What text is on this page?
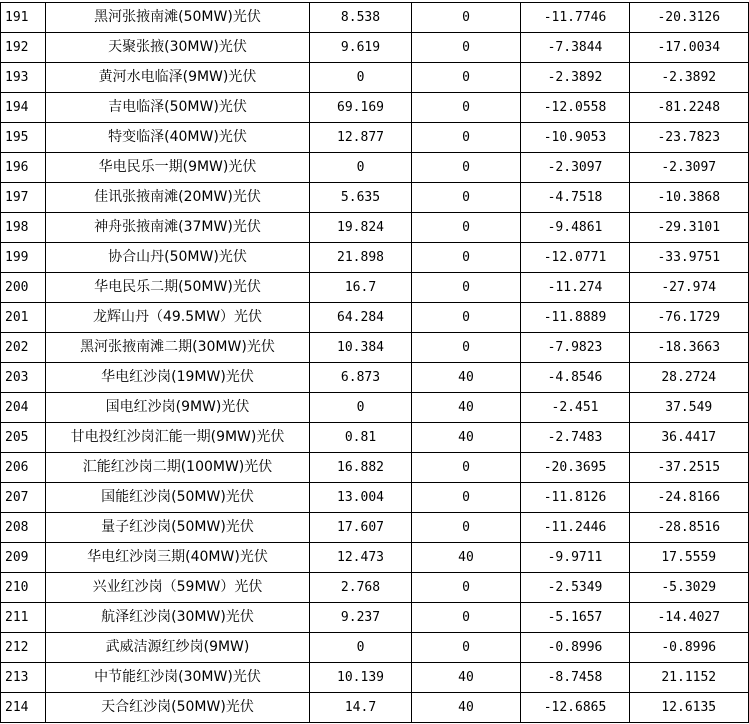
191	黑河张掖南滩(50MW)光伏	8.538	0	-11.7746	-20.3126
192	天聚张掖(30MW)光伏	9.619	0	-7.3844	-17.0034
193	黄河水电临泽(9MW)光伏	0	0	-2.3892	-2.3892
194	吉电临泽(50MW)光伏	69.169	0	-12.0558	-81.2248
195	特变临泽(40MW)光伏	12.877	0	-10.9053	-23.7823
196	华电民乐一期(9MW)光伏	0	0	-2.3097	-2.3097
197	佳讯张掖南滩(20MW)光伏	5.635	0	-4.7518	-10.3868
198	神舟张掖南滩(37MW)光伏	19.824	0	-9.4861	-29.3101
199	协合山丹(50MW)光伏	21.898	0	-12.0771	-33.9751
200	华电民乐二期(50MW)光伏	16.7	0	-11.274	-27.974
201	龙辉山丹（49.5MW）光伏	64.284	0	-11.8889	-76.1729
202	黑河张掖南滩二期(30MW)光伏	10.384	0	-7.9823	-18.3663
203	华电红沙岗(19MW)光伏	6.873	40	-4.8546	28.2724
204	国电红沙岗(9MW)光伏	0	40	-2.451	37.549
205	甘电投红沙岗汇能一期(9MW)光伏	0.81	40	-2.7483	36.4417
206	汇能红沙岗二期(100MW)光伏	16.882	0	-20.3695	-37.2515
207	国能红沙岗(50MW)光伏	13.004	0	-11.8126	-24.8166
208	量子红沙岗(50MW)光伏	17.607	0	-11.2446	-28.8516
209	华电红沙岗三期(40MW)光伏	12.473	40	-9.9711	17.5559
210	兴业红沙岗（59MW）光伏	2.768	0	-2.5349	-5.3029
211	航泽红沙岗(30MW)光伏	9.237	0	-5.1657	-14.4027
212	武威洁源红纱岗(9MW)	0	0	-0.8996	-0.8996
213	中节能红沙岗(30MW)光伏	10.139	40	-8.7458	21.1152
214	天合红沙岗(50MW)光伏	14.7	40	-12.6865	12.6135
